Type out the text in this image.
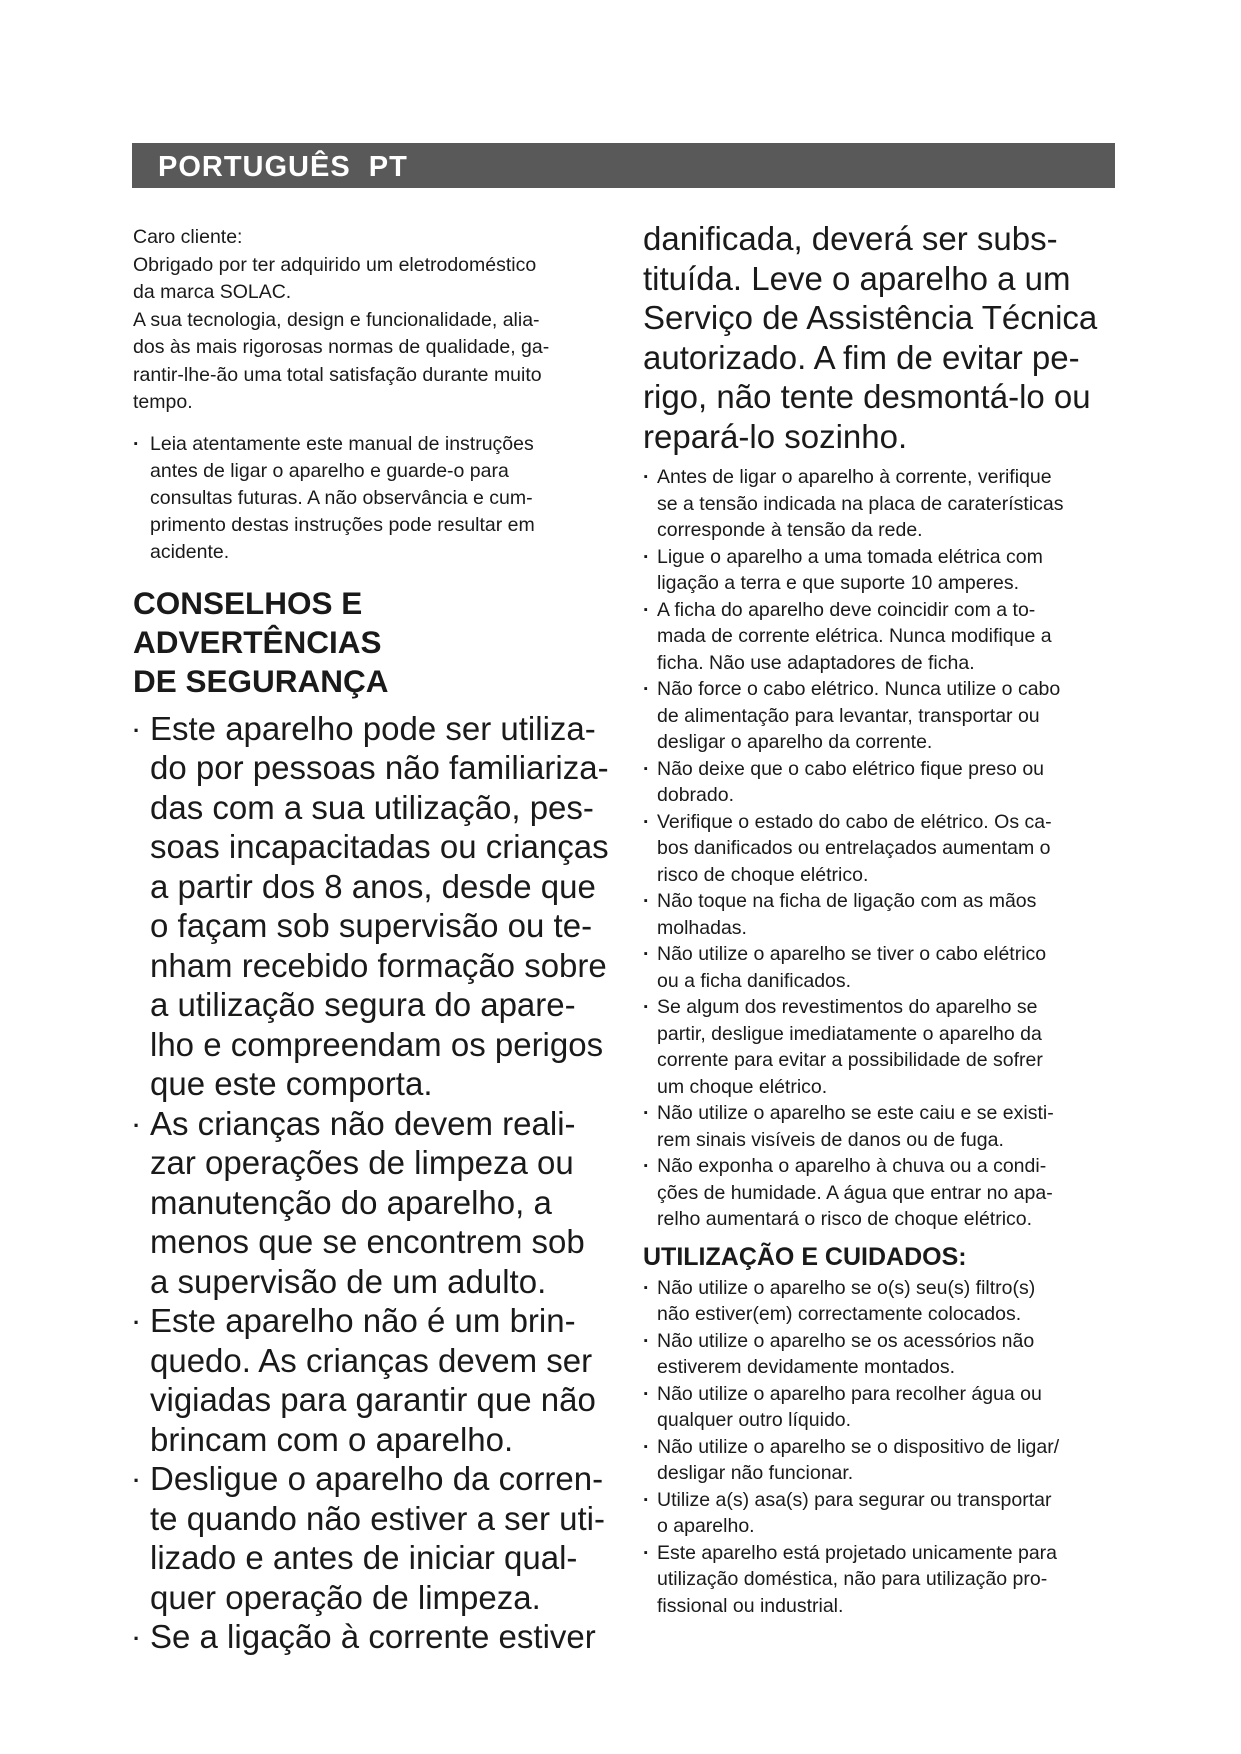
PORTUGUÊS  PT

Caro cliente:

Obrigado por ter adquirido um eletrodoméstico
da marca SOLAC.

A sua tecnologia, design e funcionalidade, alia-
dos às mais rigorosas normas de qualidade, ga-
rantir-lhe-ão uma total satisfação durante muito
tempo.

· Leia atentamente este manual de instruções
antes de ligar o aparelho e guarde-o para
consultas futuras. A não observância e cum-
primento destas instruções pode resultar em
acidente.
CONSELHOS E
ADVERTÊNCIAS
DE SEGURANÇA
· Este aparelho pode ser utiliza-
do por pessoas não familiariza-
das com a sua utilização, pes-
soas incapacitadas ou crianças
a partir dos 8 anos, desde que
o façam sob supervisão ou te-
nham recebido formação sobre
a utilização segura do apare-
lho e compreendam os perigos
que este comporta.
· As crianças não devem reali-
zar operações de limpeza ou
manutenção do aparelho, a
menos que se encontrem sob
a supervisão de um adulto.
· Este aparelho não é um brin-
quedo. As crianças devem ser
vigiadas para garantir que não
brincam com o aparelho.
· Desligue o aparelho da corren-
te quando não estiver a ser uti-
lizado e antes de iniciar qual-
quer operação de limpeza.
· Se a ligação à corrente estiver

danificada, deverá ser subs-
tituída. Leve o aparelho a um
Serviço de Assistência Técnica
autorizado. A fim de evitar pe-
rigo, não tente desmontá-lo ou
repará-lo sozinho.

· Antes de ligar o aparelho à corrente, verifique
se a tensão indicada na placa de caraterísticas
corresponde à tensão da rede.
· Ligue o aparelho a uma tomada elétrica com
ligação a terra e que suporte 10 amperes.
· A ficha do aparelho deve coincidir com a to-
mada de corrente elétrica. Nunca modifique a
ficha. Não use adaptadores de ficha.
· Não force o cabo elétrico. Nunca utilize o cabo
de alimentação para levantar, transportar ou
desligar o aparelho da corrente.
· Não deixe que o cabo elétrico fique preso ou
dobrado.
· Verifique o estado do cabo de elétrico. Os ca-
bos danificados ou entrelaçados aumentam o
risco de choque elétrico.
· Não toque na ficha de ligação com as mãos
molhadas.
· Não utilize o aparelho se tiver o cabo elétrico
ou a ficha danificados.
· Se algum dos revestimentos do aparelho se
partir, desligue imediatamente o aparelho da
corrente para evitar a possibilidade de sofrer
um choque elétrico.
· Não utilize o aparelho se este caiu e se existi-
rem sinais visíveis de danos ou de fuga.
· Não exponha o aparelho à chuva ou a condi-
ções de humidade. A água que entrar no apa-
relho aumentará o risco de choque elétrico.
UTILIZAÇÃO E CUIDADOS:
· Não utilize o aparelho se o(s) seu(s) filtro(s)
não estiver(em) correctamente colocados.
· Não utilize o aparelho se os acessórios não
estiverem devidamente montados.
· Não utilize o aparelho para recolher água ou
qualquer outro líquido.
· Não utilize o aparelho se o dispositivo de ligar/
desligar não funcionar.
· Utilize a(s) asa(s) para segurar ou transportar
o aparelho.
· Este aparelho está projetado unicamente para
utilização doméstica, não para utilização pro-
fissional ou industrial.
